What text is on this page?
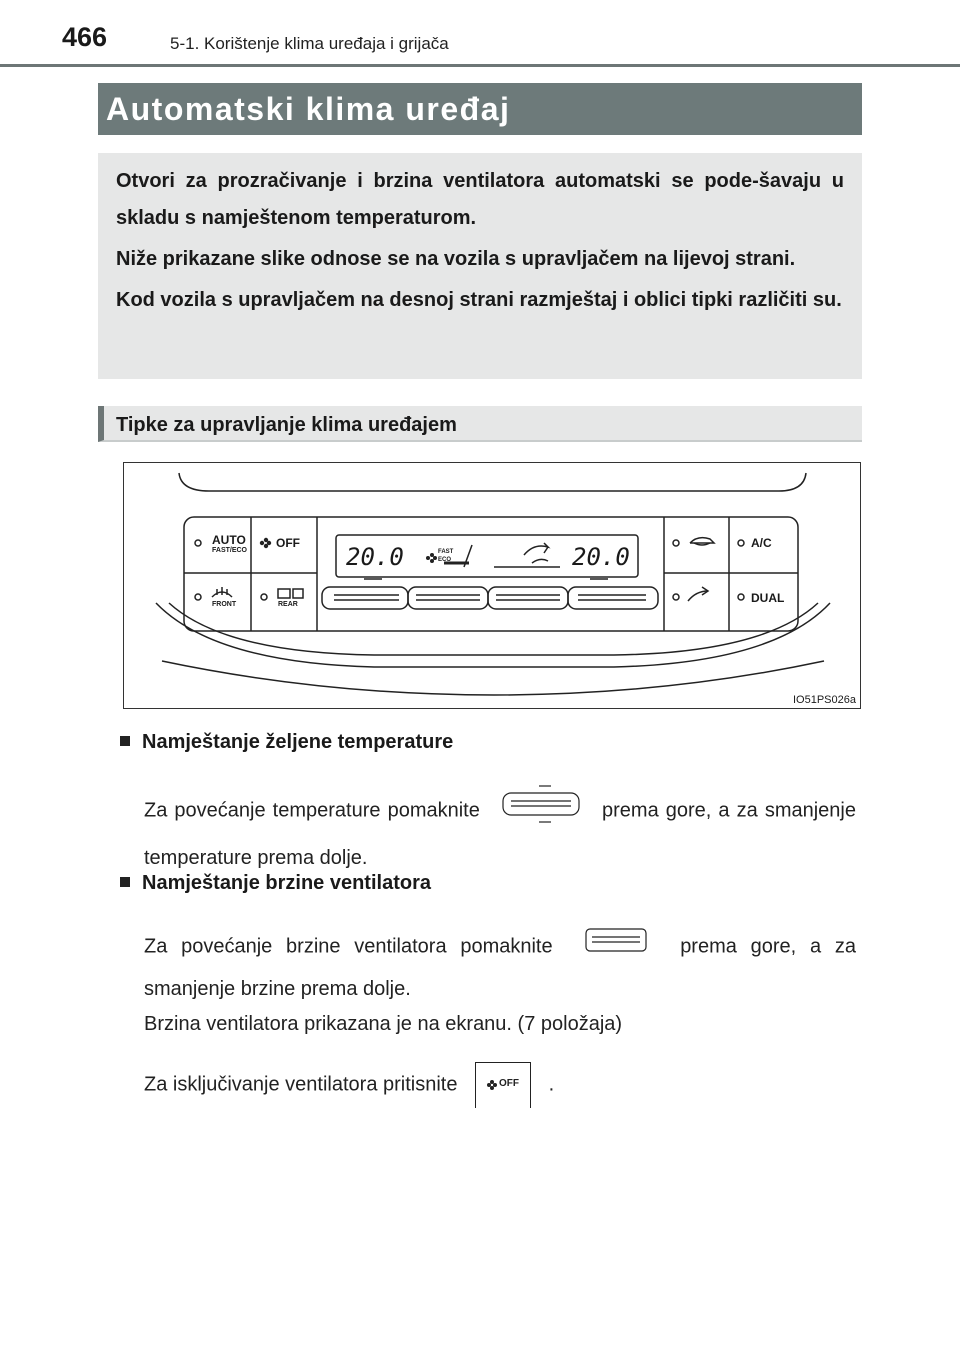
466	5-1. Korištenje klima uređaja i grijača
Automatski klima uređaj

Otvori za prozračivanje i brzina ventilatora automatski se pode-šavaju u skladu s namještenom temperaturom.

Niže prikazane slike odnose se na vozila s upravljačem na lijevoj strani.

Kod vozila s upravljačem na desnoj strani razmještaj i oblici tipki različiti su.

Tipke za upravljanje klima uređajem
AUTO
FAST/ECO
OFF
FRONT	REAR
20.0	20.0
FAST
ECO
A/C
DUAL
IO51PS026a
Namještanje željene temperature
Za povećanje temperature pomaknite	prema gore, a za smanjenje temperature prema dolje.
Namještanje brzine ventilatora
Za povećanje brzine ventilatora pomaknite	prema gore, a za smanjenje brzine prema dolje.
Brzina ventilatora prikazana je na ekranu. (7 položaja)
Za isključivanje ventilatora pritisnite	OFF .
